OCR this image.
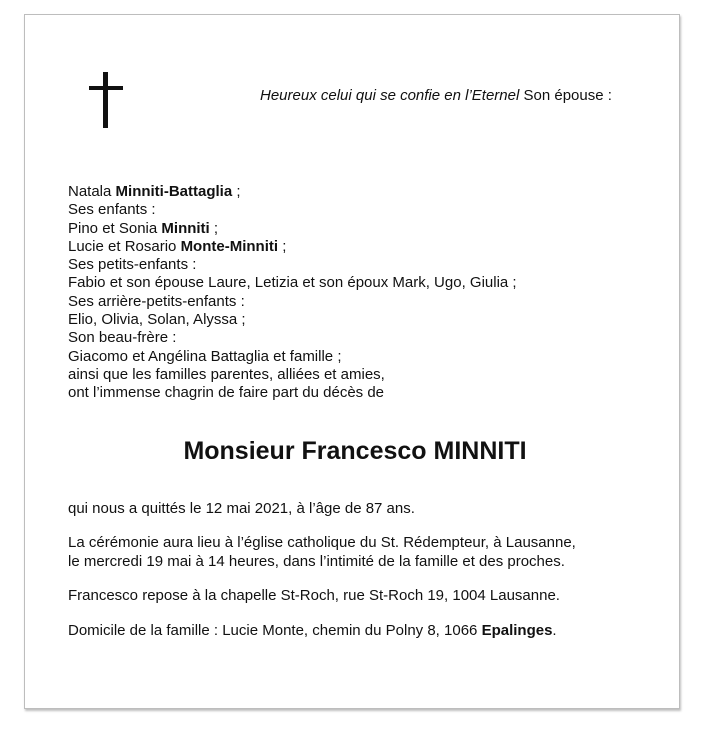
Heureux celui qui se confie en l’Eternel Son épouse :
Natala Minniti-Battaglia ;
Ses enfants :
Pino et Sonia Minniti ;
Lucie et Rosario Monte-Minniti ;
Ses petits-enfants :
Fabio et son épouse Laure, Letizia et son époux Mark, Ugo, Giulia ;
Ses arrière-petits-enfants :
Elio, Olivia, Solan, Alyssa ;
Son beau-frère :
Giacomo et Angélina Battaglia et famille ;
ainsi que les familles parentes, alliées et amies,
ont l’immense chagrin de faire part du décès de
Monsieur Francesco MINNITI
qui nous a quittés le 12 mai 2021, à l’âge de 87 ans.
La cérémonie aura lieu à l’église catholique du St. Rédempteur, à Lausanne,
le mercredi 19 mai à 14 heures, dans l’intimité de la famille et des proches.
Francesco repose à la chapelle St-Roch, rue St-Roch 19, 1004 Lausanne.
Domicile de la famille : Lucie Monte, chemin du Polny 8, 1066 Epalinges.
